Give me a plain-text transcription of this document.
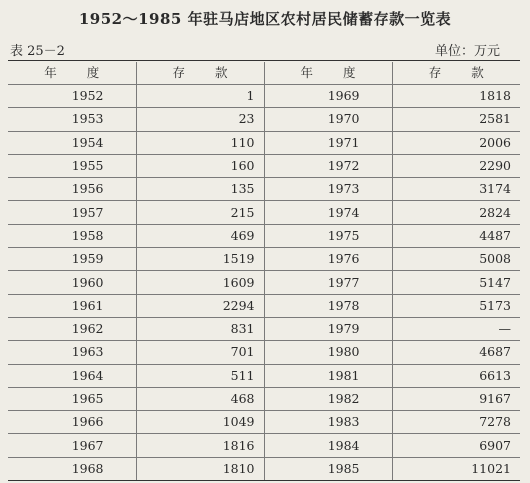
1952～1985 年驻马店地区农村居民储蓄存款一览表
表 25－2	单位：万元
年度	存款	年度	存款
1952	1	1969	1818
1953	23	1970	2581
1954	110	1971	2006
1955	160	1972	2290
1956	135	1973	3174
1957	215	1974	2824
1958	469	1975	4487
1959	1519	1976	5008
1960	1609	1977	5147
1961	2294	1978	5173
1962	831	1979	—
1963	701	1980	4687
1964	511	1981	6613
1965	468	1982	9167
1966	1049	1983	7278
1967	1816	1984	6907
1968	1810	1985	11021
